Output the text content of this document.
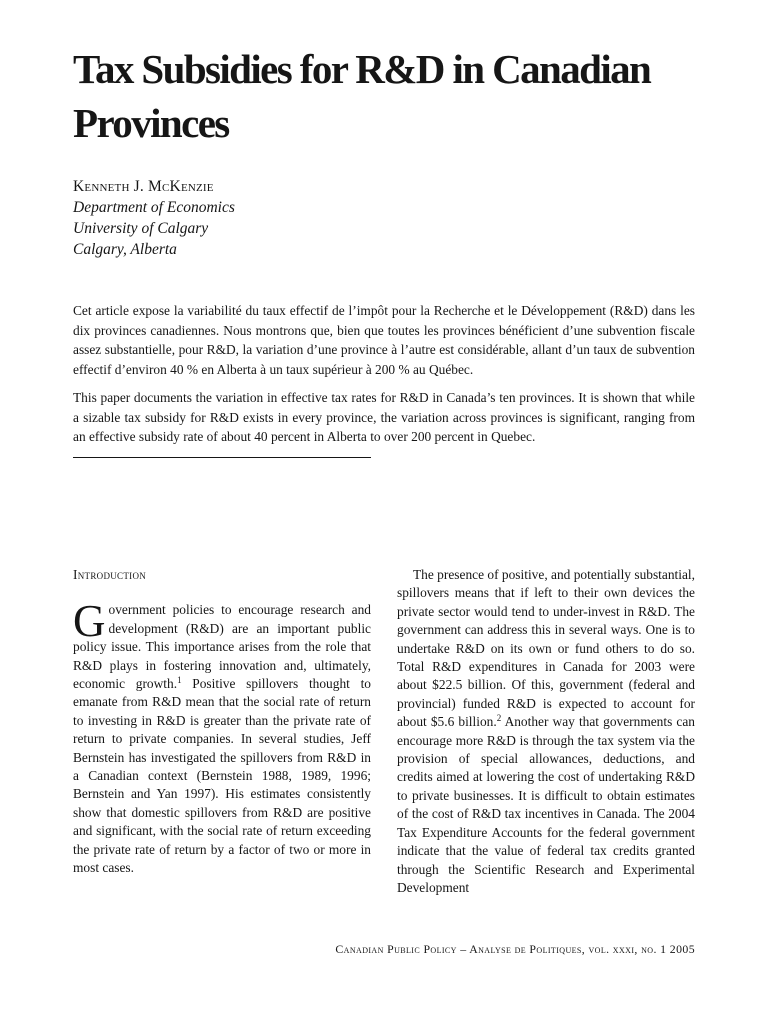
Tax Subsidies for R&D in Canadian Provinces
Kenneth J. McKenzie
Department of Economics
University of Calgary
Calgary, Alberta

Cet article expose la variabilité du taux effectif de l’impôt pour la Recherche et le Développement (R&D) dans les dix provinces canadiennes. Nous montrons que, bien que toutes les provinces bénéficient d’une subvention fiscale assez substantielle, pour R&D, la variation d’une province à l’autre est considérable, allant d’un taux de subvention effectif d’environ 40 % en Alberta à un taux supérieur à 200 % au Québec.

This paper documents the variation in effective tax rates for R&D in Canada’s ten provinces. It is shown that while a sizable tax subsidy for R&D exists in every province, the variation across provinces is significant, ranging from an effective subsidy rate of about 40 percent in Alberta to over 200 percent in Quebec.

Introduction

Government policies to encourage research and development (R&D) are an important public policy issue. This importance arises from the role that R&D plays in fostering innovation and, ultimately, economic growth.$^1$ Positive spillovers thought to emanate from R&D mean that the social rate of return to investing in R&D is greater than the private rate of return to private companies. In several studies, Jeff Bernstein has investigated the spillovers from R&D in a Canadian context (Bernstein 1988, 1989, 1996; Bernstein and Yan 1997). His estimates consistently show that domestic spillovers from R&D are positive and significant, with the social rate of return exceeding the private rate of return by a factor of two or more in most cases.

The presence of positive, and potentially substantial, spillovers means that if left to their own devices the private sector would tend to under-invest in R&D. The government can address this in several ways. One is to undertake R&D on its own or fund others to do so. Total R&D expenditures in Canada for 2003 were about $22.5 billion. Of this, government (federal and provincial) funded R&D is expected to account for about $5.6 billion.$^2$ Another way that governments can encourage more R&D is through the tax system via the provision of special allowances, deductions, and credits aimed at lowering the cost of undertaking R&D to private businesses. It is difficult to obtain estimates of the cost of R&D tax incentives in Canada. The 2004 Tax Expenditure Accounts for the federal government indicate that the value of federal tax credits granted through the Scientific Research and Experimental Development

Canadian Public Policy – Analyse de Politiques, vol. xxxi, no. 1 2005
